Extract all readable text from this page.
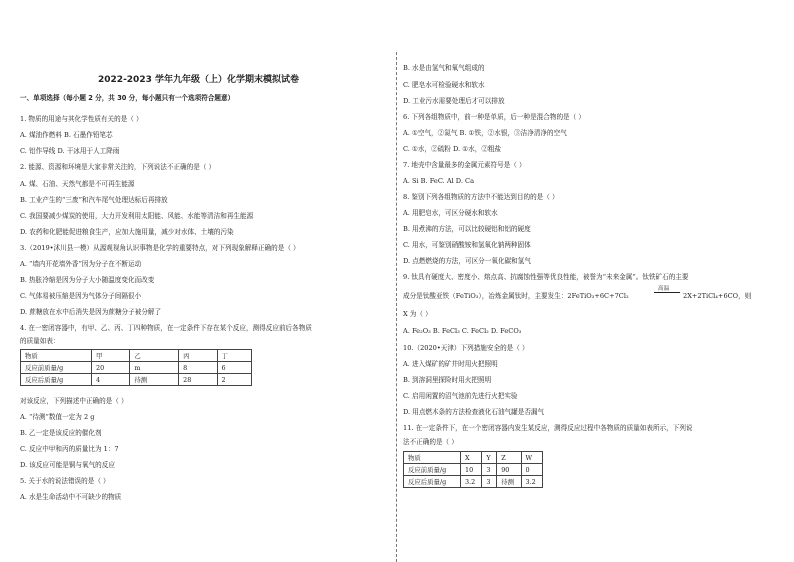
2022-2023 学年九年级（上）化学期末模拟试卷
一、单项选择（每小题 2 分，共 30 分，每小题只有一个选项符合题意）
1. 物质的用途与其化学性质有关的是（ ）
A. 煤油作燃料 B. 石墨作铅笔芯
C. 铝作导线 D. 干冰用于人工降雨
2. 能源、资源和环境是大家非常关注的，下列说法不正确的是（ ）
A. 煤、石油、天然气都是不可再生能源
B. 工业产生的“三废”和汽车尾气处理达标后再排放
C. 我国要减少煤炭的使用，大力开发利用太阳能、风能、水能等清洁和再生能源
D. 农药和化肥能促进粮食生产，应加大施用量，减少对水体、土壤的污染
3.（2019•沭川县一模）从源观视角认识事物是化学的重要特点，对下列现象解释正确的是（ ）
A. “墙内开花墙外香”因为分子在不断运动
B. 热胀冷缩是因为分子大小随温度变化而改变
C. 气体易被压缩是因为气体分子间隔很小
D. 蔗糖放在水中后消失是因为蔗糖分子被分解了
4. 在一密闭容器中，有甲、乙、丙、丁四种物质，在一定条件下存在某个反应，测得反应前后各物质
的质量如表：
物质	甲	乙	丙	丁
反应前质量/g	20	m	8	6
反应后质量/g	4	待测	28	2
对该反应，下列描述中正确的是（ ）
A. “待测”数值一定为 2 g
B. 乙一定是该反应的催化剂
C. 反应中甲和丙的质量比为 1：7
D. 该反应可能是铜与氧气的反应
5. 关于水的说法错误的是（ ）
A. 水是生命活动中不可缺少的物质
B. 水是由氢气和氧气组成的
C. 肥皂水可检验硬水和软水
D. 工业污水需要处理后才可以排放
6. 下列各组物质中，前一种是单质，后一种是混合物的是（ ）
A. ①空气，②氮气 B. ①铁，②水银，③洁净清净的空气
C. ①水，②硫粉 D. ①水，②粗盐
7. 地壳中含量最多的金属元素符号是（ ）
A. Si B. FeC. Al D. Ca
8. 鉴别下列各组物质的方法中不能达到目的的是（ ）
A. 用肥皂水，可区分硬水和软水
B. 用煮沸的方法，可以比较硬铝和铝的硬度
C. 用水，可鉴别硝酸铵和氢氧化钠两种固体
D. 点燃燃烧的方法，可区分一氧化碳和氢气
9. 钛具有硬度大、密度小、熔点高、抗腐蚀性强等优良性能，被誉为“未来金属”。钛铁矿石的主要
成分是钛酸亚铁（FeTiO₃），冶炼金属钛时，主要发生：2FeTiO₃+6C+7Cl₂
高温
2X+2TiCl₄+6CO，则
X 为（ ）
A. Fe₂O₃ B. FeCl₃ C. FeCl₂ D. FeCO₃
10.（2020•天津）下列措施安全的是（ ）
A. 进入煤矿的矿井时用火把照明
B. 到溶洞里探险时用火把照明
C. 启用闲置的沼气池前先进行火把实验
D. 用点燃木条的方法检查液化石油气罐是否漏气
11. 在一定条件下，在一个密闭容器内发生某反应，测得反应过程中各物质的质量如表所示，下列说
法不正确的是（ ）
物质	X	Y	Z	W
反应前质量/g	10	3	90	0
反应后质量/g	3.2	3	待测	3.2
